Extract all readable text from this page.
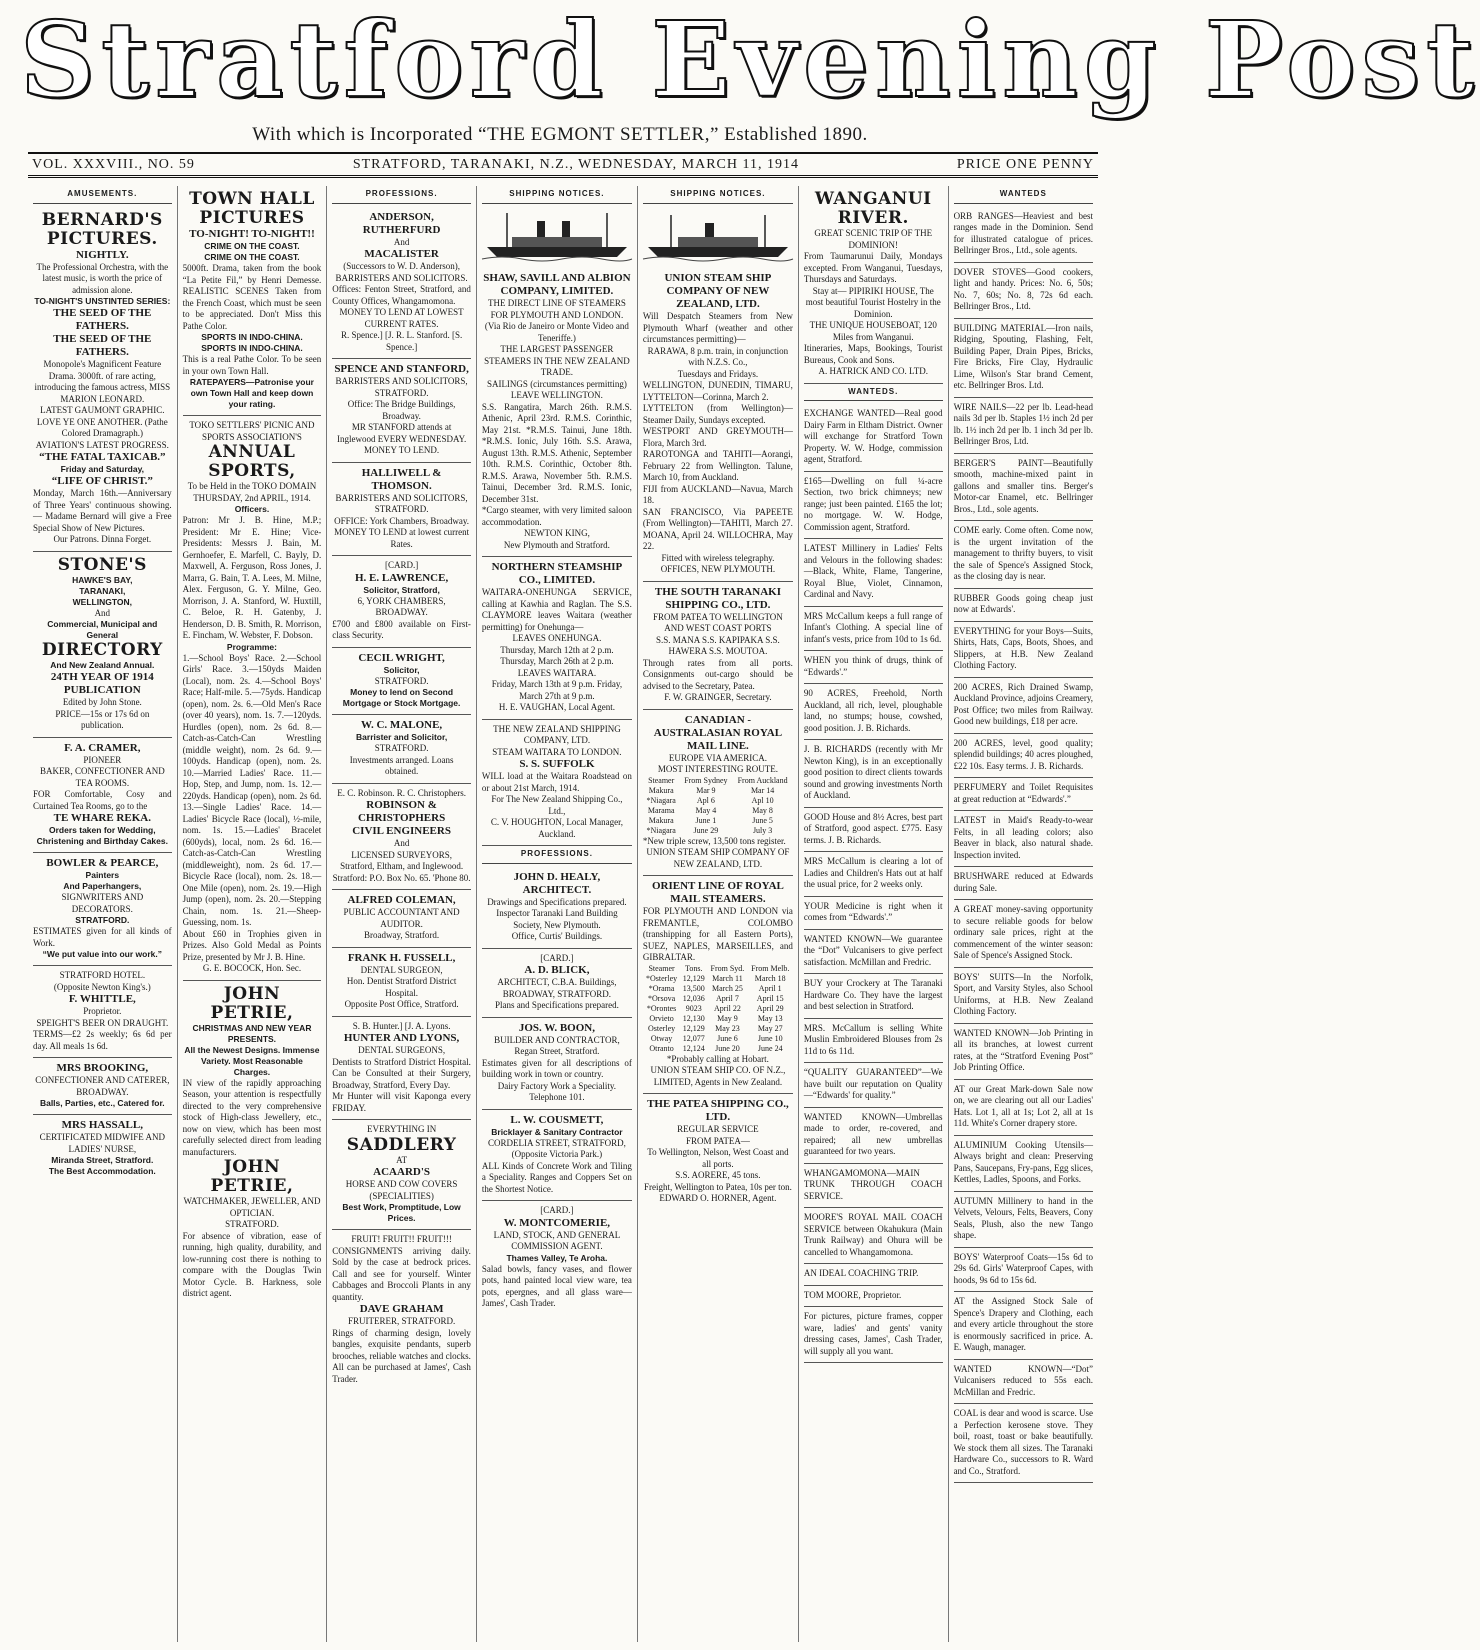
Stratford Evening Post
With which is Incorporated “THE EGMONT SETTLER,” Established 1890.
VOL. XXXVIII., NO. 59	STRATFORD, TARANAKI, N.Z., WEDNESDAY, MARCH 11, 1914	PRICE ONE PENNY
AMUSEMENTS.
BERNARD'S PICTURES.
NIGHTLY.
The Professional Orchestra, with the latest music, is worth the price of admission alone.
TO-NIGHT'S UNSTINTED SERIES:
THE SEED OF THE FATHERS.
THE SEED OF THE FATHERS.
Monopole's Magnificent Feature Drama. 3000ft. of rare acting, introducing the famous actress, MISS MARION LEONARD.
LATEST GAUMONT GRAPHIC.
LOVE YE ONE ANOTHER. (Pathe Colored Dramagraph.)
AVIATION'S LATEST PROGRESS.
“THE FATAL TAXICAB.”
Friday and Saturday,
“LIFE OF CHRIST.”
Monday, March 16th.—Anniversary of Three Years' continuous showing.— Madame Bernard will give a Free Special Show of New Pictures.
Our Patrons. Dinna Forget.
STONE'S
HAWKE'S BAY,
TARANAKI,
WELLINGTON,
And
Commercial, Municipal and General
DIRECTORY
And New Zealand Annual.
24TH YEAR OF 1914 PUBLICATION
Edited by John Stone.
PRICE—15s or 17s 6d on publication.
F. A. CRAMER,
PIONEER
BAKER, CONFECTIONER AND TEA ROOMS.
FOR Comfortable, Cosy and Curtained Tea Rooms, go to the
TE WHARE REKA.
Orders taken for Wedding, Christening and Birthday Cakes.
BOWLER & PEARCE,
Painters
And Paperhangers,
SIGNWRITERS AND DECORATORS.
STRATFORD.
ESTIMATES given for all kinds of Work.
“We put value into our work.”
STRATFORD HOTEL.
(Opposite Newton King's.)
F. WHITTLE,
Proprietor.
SPEIGHT'S BEER ON DRAUGHT.
TERMS—£2 2s weekly; 6s 6d per day. All meals 1s 6d.
MRS BROOKING,
CONFECTIONER AND CATERER, BROADWAY.
Balls, Parties, etc., Catered for.
MRS HASSALL,
CERTIFICATED MIDWIFE AND LADIES' NURSE,
Miranda Street, Stratford.
The Best Accommodation.
TOWN HALL PICTURES
TO-NIGHT! TO-NIGHT!!
CRIME ON THE COAST.
CRIME ON THE COAST.
5000ft. Drama, taken from the book “La Petite Fil,” by Henri Demesse. REALISTIC SCENES Taken from the French Coast, which must be seen to be appreciated. Don't Miss this Pathe Color.
SPORTS IN INDO-CHINA.
SPORTS IN INDO-CHINA.
This is a real Pathe Color. To be seen in your own Town Hall.
RATEPAYERS—Patronise your own Town Hall and keep down your rating.
TOKO SETTLERS' PICNIC AND SPORTS ASSOCIATION'S
ANNUAL SPORTS,
To be Held in the TOKO DOMAIN
THURSDAY, 2nd APRIL, 1914.
Officers.
Patron: Mr J. B. Hine, M.P.; President: Mr E. Hine; Vice-Presidents: Messrs J. Bain, M. Gernhoefer, E. Marfell, C. Bayly, D. Maxwell, A. Ferguson, Ross Jones, J. Marra, G. Bain, T. A. Lees, M. Milne, Alex. Ferguson, G. Y. Milne, Geo. Morrison, J. A. Stanford, W. Huxtill, C. Beloe, R. H. Gatenby, J. Henderson, D. B. Smith, R. Morrison, E. Fincham, W. Webster, F. Dobson.
Programme:
1.—School Boys' Race. 2.—School Girls' Race. 3.—150yds Maiden (Local), nom. 2s. 4.—School Boys' Race; Half-mile. 5.—75yds. Handicap (open), nom. 2s. 6.—Old Men's Race (over 40 years), nom. 1s. 7.—120yds. Hurdles (open), nom. 2s 6d. 8.—Catch-as-Catch-Can Wrestling (middle weight), nom. 2s 6d. 9.—100yds. Handicap (open), nom. 2s. 10.—Married Ladies' Race. 11.—Hop, Step, and Jump, nom. 1s. 12.—220yds. Handicap (open), nom. 2s 6d. 13.—Single Ladies' Race. 14.—Ladies' Bicycle Race (local), ½-mile, nom. 1s. 15.—Ladies' Bracelet (600yds), local, nom. 2s 6d. 16.—Catch-as-Catch-Can Wrestling (middleweight), nom. 2s 6d. 17.—Bicycle Race (local), nom. 2s. 18.—One Mile (open), nom. 2s. 19.—High Jump (open), nom. 2s. 20.—Stepping Chain, nom. 1s. 21.—Sheep-Guessing, nom. 1s.
About £60 in Trophies given in Prizes. Also Gold Medal as Points Prize, presented by Mr J. B. Hine.
G. E. BOCOCK, Hon. Sec.
JOHN PETRIE,
CHRISTMAS AND NEW YEAR PRESENTS.
All the Newest Designs. Immense Variety. Most Reasonable Charges.
IN view of the rapidly approaching Season, your attention is respectfully directed to the very comprehensive stock of High-class Jewellery, etc., now on view, which has been most carefully selected direct from leading manufacturers.
JOHN PETRIE,
WATCHMAKER, JEWELLER, AND OPTICIAN.
STRATFORD.
For absence of vibration, ease of running, high quality, durability, and low-running cost there is nothing to compare with the Douglas Twin Motor Cycle. B. Harkness, sole district agent.
PROFESSIONS.
ANDERSON, RUTHERFURD
And
MACALISTER
(Successors to W. D. Anderson),
BARRISTERS AND SOLICITORS.
Offices: Fenton Street, Stratford, and County Offices, Whangamomona.
MONEY TO LEND AT LOWEST CURRENT RATES.
R. Spence.] [J. R. L. Stanford. [S. Spence.]
SPENCE AND STANFORD,
BARRISTERS AND SOLICITORS, STRATFORD.
Office: The Bridge Buildings, Broadway.
MR STANFORD attends at Inglewood EVERY WEDNESDAY.
MONEY TO LEND.
HALLIWELL & THOMSON.
BARRISTERS AND SOLICITORS, STRATFORD.
OFFICE: York Chambers, Broadway.
MONEY TO LEND at lowest current Rates.
[CARD.]
H. E. LAWRENCE,
Solicitor, Stratford,
6, YORK CHAMBERS, BROADWAY.
£700 and £800 available on First-class Security.
CECIL WRIGHT,
Solicitor,
STRATFORD.
Money to lend on Second Mortgage or Stock Mortgage.
W. C. MALONE,
Barrister and Solicitor,
STRATFORD.
Investments arranged. Loans obtained.
E. C. Robinson. R. C. Christophers.
ROBINSON & CHRISTOPHERS
CIVIL ENGINEERS
And
LICENSED SURVEYORS,
Stratford, Eltham, and Inglewood. Stratford: P.O. Box No. 65. 'Phone 80.
ALFRED COLEMAN,
PUBLIC ACCOUNTANT AND AUDITOR.
Broadway, Stratford.
FRANK H. FUSSELL,
DENTAL SURGEON,
Hon. Dentist Stratford District Hospital.
Opposite Post Office, Stratford.
S. B. Hunter.] [J. A. Lyons.
HUNTER AND LYONS,
DENTAL SURGEONS,
Dentists to Stratford District Hospital. Can be Consulted at their Surgery, Broadway, Stratford, Every Day.
Mr Hunter will visit Kaponga every FRIDAY.
EVERYTHING IN
SADDLERY
AT
ACAARD'S
HORSE AND COW COVERS (SPECIALITIES)
Best Work, Promptitude, Low Prices.
FRUIT! FRUIT!! FRUIT!!!
CONSIGNMENTS arriving daily. Sold by the case at bedrock prices. Call and see for yourself. Winter Cabbages and Broccoli Plants in any quantity.
DAVE GRAHAM
FRUITERER, STRATFORD.
Rings of charming design, lovely bangles, exquisite pendants, superb brooches, reliable watches and clocks. All can be purchased at James', Cash Trader.
SHIPPING NOTICES.
SHAW, SAVILL AND ALBION COMPANY, LIMITED.
THE DIRECT LINE OF STEAMERS FOR PLYMOUTH AND LONDON. (Via Rio de Janeiro or Monte Video and Teneriffe.)
THE LARGEST PASSENGER STEAMERS IN THE NEW ZEALAND TRADE.
SAILINGS (circumstances permitting)
LEAVE WELLINGTON.
S.S. Rangatira, March 26th. R.M.S. Athenic, April 23rd. R.M.S. Corinthic, May 21st. *R.M.S. Tainui, June 18th. *R.M.S. Ionic, July 16th. S.S. Arawa, August 13th. R.M.S. Athenic, September 10th. R.M.S. Corinthic, October 8th. R.M.S. Arawa, November 5th. R.M.S. Tainui, December 3rd. R.M.S. Ionic, December 31st.
*Cargo steamer, with very limited saloon accommodation.
NEWTON KING,
New Plymouth and Stratford.
NORTHERN STEAMSHIP CO., LIMITED.
WAITARA-ONEHUNGA SERVICE, calling at Kawhia and Raglan. The S.S. CLAYMORE leaves Waitara (weather permitting) for Onehunga—
LEAVES ONEHUNGA.
Thursday, March 12th at 2 p.m. Thursday, March 26th at 2 p.m.
LEAVES WAITARA.
Friday, March 13th at 9 p.m. Friday, March 27th at 9 p.m.
H. E. VAUGHAN, Local Agent.
THE NEW ZEALAND SHIPPING COMPANY, LTD.
STEAM WAITARA TO LONDON.
S. S. SUFFOLK
WILL load at the Waitara Roadstead on or about 21st March, 1914.
For The New Zealand Shipping Co., Ltd.,
C. V. HOUGHTON, Local Manager, Auckland.
PROFESSIONS.
JOHN D. HEALY,
ARCHITECT.
Drawings and Specifications prepared.
Inspector Taranaki Land Building Society, New Plymouth.
Office, Curtis' Buildings.
[CARD.]
A. D. BLICK,
ARCHITECT, C.B.A. Buildings,
BROADWAY, STRATFORD.
Plans and Specifications prepared.
JOS. W. BOON,
BUILDER AND CONTRACTOR, Regan Street, Stratford.
Estimates given for all descriptions of building work in town or country.
Dairy Factory Work a Speciality.
Telephone 101.
L. W. COUSMETT,
Bricklayer & Sanitary Contractor
CORDELIA STREET, STRATFORD, (Opposite Victoria Park.)
ALL Kinds of Concrete Work and Tiling a Speciality. Ranges and Coppers Set on the Shortest Notice.
[CARD.]
W. MONTCOMERIE,
LAND, STOCK, AND GENERAL COMMISSION AGENT.
Thames Valley, Te Aroha.
Salad bowls, fancy vases, and flower pots, hand painted local view ware, tea pots, epergnes, and all glass ware—James', Cash Trader.
SHIPPING NOTICES.
UNION STEAM SHIP COMPANY OF NEW ZEALAND, LTD.
Will Despatch Steamers from New Plymouth Wharf (weather and other circumstances permitting)—
RARAWA, 8 p.m. train, in conjunction with N.Z.S. Co.,
Tuesdays and Fridays.
WELLINGTON, DUNEDIN, TIMARU, LYTTELTON—Corinna, March 2.
LYTTELTON (from Wellington)—Steamer Daily, Sundays excepted.
WESTPORT AND GREYMOUTH—Flora, March 3rd.
RAROTONGA and TAHITI—Aorangi, February 22 from Wellington. Talune, March 10, from Auckland.
FIJI from AUCKLAND—Navua, March 18.
SAN FRANCISCO, Via PAPEETE (From Wellington)—TAHITI, March 27. MOANA, April 24. WILLOCHRA, May 22.
Fitted with wireless telegraphy.
OFFICES, NEW PLYMOUTH.
THE SOUTH TARANAKI SHIPPING CO., LTD.
FROM PATEA TO WELLINGTON AND WEST COAST PORTS
S.S. MANA S.S. KAPIPAKA S.S. HAWERA S.S. MOUTOA.
Through rates from all ports. Consignments out-cargo should be advised to the Secretary, Patea.
F. W. GRAINGER, Secretary.
CANADIAN - AUSTRALASIAN ROYAL MAIL LINE.
EUROPE VIA AMERICA.
MOST INTERESTING ROUTE.
Steamer	From Sydney	From Auckland
Makura	Mar 9	Mar 14
*Niagara	Apl 6	Apl 10
Marama	May 4	May 8
Makura	June 1	June 5
*Niagara	June 29	July 3
*New triple screw, 13,500 tons register.
UNION STEAM SHIP COMPANY OF NEW ZEALAND, LTD.
ORIENT LINE OF ROYAL MAIL STEAMERS.
FOR PLYMOUTH AND LONDON via FREMANTLE, COLOMBO (transhipping for all Eastern Ports), SUEZ, NAPLES, MARSEILLES, and GIBRALTAR.
Steamer	Tons.	From Syd.	From Melb.
*Osterley	12,129	March 11	March 18
*Orama	13,500	March 25	April 1
*Orsova	12,036	April 7	April 15
*Orontes	9023	April 22	April 29
Orvieto	12,130	May 9	May 13
Osterley	12,129	May 23	May 27
Otway	12,077	June 6	June 10
Otranto	12,124	June 20	June 24
*Probably calling at Hobart.
UNION STEAM SHIP CO. OF N.Z., LIMITED, Agents in New Zealand.
THE PATEA SHIPPING CO., LTD.
REGULAR SERVICE
FROM PATEA—
To Wellington, Nelson, West Coast and all ports.
S.S. AORERE, 45 tons.
Freight, Wellington to Patea, 10s per ton.
EDWARD O. HORNER, Agent.
WANGANUI RIVER.
GREAT SCENIC TRIP OF THE DOMINION!
From Taumarunui Daily, Mondays excepted. From Wanganui, Tuesdays, Thursdays and Saturdays.
Stay at— PIPIRIKI HOUSE, The most beautiful Tourist Hostelry in the Dominion.
THE UNIQUE HOUSEBOAT, 120 Miles from Wanganui.
Itineraries, Maps, Bookings, Tourist Bureaus, Cook and Sons.
A. HATRICK AND CO. LTD.
WANTEDS.
EXCHANGE WANTED—Real good Dairy Farm in Eltham District. Owner will exchange for Stratford Town Property. W. W. Hodge, commission agent, Stratford.
£165—Dwelling on full ¼-acre Section, two brick chimneys; new range; just been painted. £165 the lot; no mortgage. W. W. Hodge, Commission agent, Stratford.
LATEST Millinery in Ladies' Felts and Velours in the following shades:—Black, White, Flame, Tangerine, Royal Blue, Violet, Cinnamon, Cardinal and Navy.
MRS McCallum keeps a full range of Infant's Clothing. A special line of infant's vests, price from 10d to 1s 6d.
WHEN you think of drugs, think of “Edwards'.”
90 ACRES, Freehold, North Auckland, all rich, level, ploughable land, no stumps; house, cowshed, good position. J. B. Richards.
J. B. RICHARDS (recently with Mr Newton King), is in an exceptionally good position to direct clients towards sound and growing investments North of Auckland.
GOOD House and 8½ Acres, best part of Stratford, good aspect. £775. Easy terms. J. B. Richards.
MRS McCallum is clearing a lot of Ladies and Children's Hats out at half the usual price, for 2 weeks only.
YOUR Medicine is right when it comes from “Edwards'.”
WANTED KNOWN—We guarantee the “Dot” Vulcanisers to give perfect satisfaction. McMillan and Fredric.
BUY your Crockery at The Taranaki Hardware Co. They have the largest and best selection in Stratford.
MRS. McCallum is selling White Muslin Embroidered Blouses from 2s 11d to 6s 11d.
“QUALITY GUARANTEED”—We have built our reputation on Quality—“Edwards' for quality.”
WANTED KNOWN—Umbrellas made to order, re-covered, and repaired; all new umbrellas guaranteed for two years.
WHANGAMOMONA—MAIN TRUNK THROUGH COACH SERVICE.
MOORE'S ROYAL MAIL COACH SERVICE between Okahukura (Main Trunk Railway) and Ohura will be cancelled to Whangamomona.
AN IDEAL COACHING TRIP.
TOM MOORE, Proprietor.
For pictures, picture frames, copper ware, ladies' and gents' vanity dressing cases, James', Cash Trader, will supply all you want.
WANTEDS
ORB RANGES—Heaviest and best ranges made in the Dominion. Send for illustrated catalogue of prices. Bellringer Bros., Ltd., sole agents.
DOVER STOVES—Good cookers, light and handy. Prices: No. 6, 50s; No. 7, 60s; No. 8, 72s 6d each. Bellringer Bros., Ltd.
BUILDING MATERIAL—Iron nails, Ridging, Spouting, Flashing, Felt, Building Paper, Drain Pipes, Bricks, Fire Bricks, Fire Clay, Hydraulic Lime, Wilson's Star brand Cement, etc. Bellringer Bros. Ltd.
WIRE NAILS—22 per lb. Lead-head nails 3d per lb. Staples 1½ inch 2d per lb. 1½ inch 2d per lb. 1 inch 3d per lb. Bellringer Bros, Ltd.
BERGER'S PAINT—Beautifully smooth, machine-mixed paint in gallons and smaller tins. Berger's Motor-car Enamel, etc. Bellringer Bros., Ltd., sole agents.
COME early. Come often. Come now, is the urgent invitation of the management to thrifty buyers, to visit the sale of Spence's Assigned Stock, as the closing day is near.
RUBBER Goods going cheap just now at Edwards'.
EVERYTHING for your Boys—Suits, Shirts, Hats, Caps, Boots, Shoes, and Slippers, at H.B. New Zealand Clothing Factory.
200 ACRES, Rich Drained Swamp, Auckland Province, adjoins Creamery, Post Office; two miles from Railway. Good new buildings, £18 per acre.
200 ACRES, level, good quality; splendid buildings; 40 acres ploughed, £22 10s. Easy terms. J. B. Richards.
PERFUMERY and Toilet Requisites at great reduction at “Edwards'.”
LATEST in Maid's Ready-to-wear Felts, in all leading colors; also Beaver in black, also natural shade. Inspection invited.
BRUSHWARE reduced at Edwards during Sale.
A GREAT money-saving opportunity to secure reliable goods for below ordinary sale prices, right at the commencement of the winter season: Sale of Spence's Assigned Stock.
BOYS' SUITS—In the Norfolk, Sport, and Varsity Styles, also School Uniforms, at H.B. New Zealand Clothing Factory.
WANTED KNOWN—Job Printing in all its branches, at lowest current rates, at the “Stratford Evening Post” Job Printing Office.
AT our Great Mark-down Sale now on, we are clearing out all our Ladies' Hats. Lot 1, all at 1s; Lot 2, all at 1s 11d. White's Corner drapery store.
ALUMINIUM Cooking Utensils—Always bright and clean: Preserving Pans, Saucepans, Fry-pans, Egg slices, Kettles, Ladles, Spoons, and Forks.
AUTUMN Millinery to hand in the Velvets, Velours, Felts, Beavers, Cony Seals, Plush, also the new Tango shape.
BOYS' Waterproof Coats—15s 6d to 29s 6d. Girls' Waterproof Capes, with hoods, 9s 6d to 15s 6d.
AT the Assigned Stock Sale of Spence's Drapery and Clothing, each and every article throughout the store is enormously sacrificed in price. A. E. Waugh, manager.
WANTED KNOWN—“Dot” Vulcanisers reduced to 55s each. McMillan and Fredric.
COAL is dear and wood is scarce. Use a Perfection kerosene stove. They boil, roast, toast or bake beautifully. We stock them all sizes. The Taranaki Hardware Co., successors to R. Ward and Co., Stratford.
